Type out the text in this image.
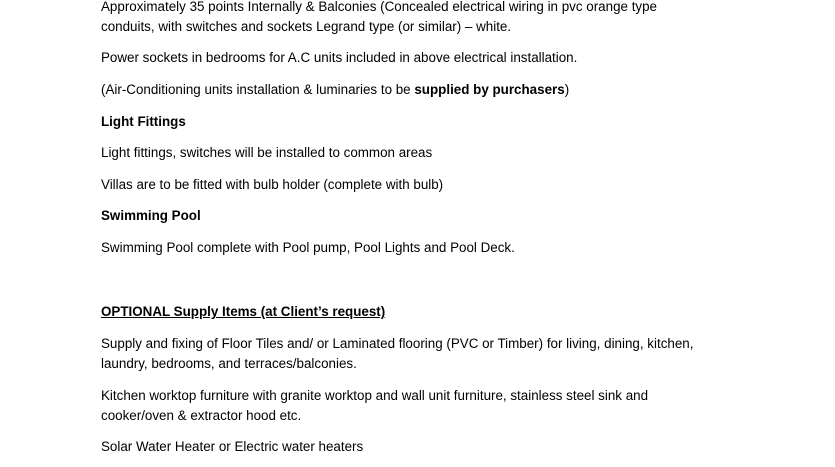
Approximately 35 points Internally & Balconies (Concealed electrical wiring in pvc orange type
conduits, with switches and sockets Legrand type (or similar) – white.
Power sockets in bedrooms for A.C units included in above electrical installation.
(Air-Conditioning units installation & luminaries to be supplied by purchasers)
Light Fittings
Light fittings, switches will be installed to common areas
Villas are to be fitted with bulb holder (complete with bulb)
Swimming Pool
Swimming Pool complete with Pool pump, Pool Lights and Pool Deck.
OPTIONAL Supply Items (at Client’s request)
Supply and fixing of Floor Tiles and/ or Laminated flooring (PVC or Timber) for living, dining, kitchen,
laundry, bedrooms, and terraces/balconies.
Kitchen worktop furniture with granite worktop and wall unit furniture, stainless steel sink and
cooker/oven & extractor hood etc.
Solar Water Heater or Electric water heaters
